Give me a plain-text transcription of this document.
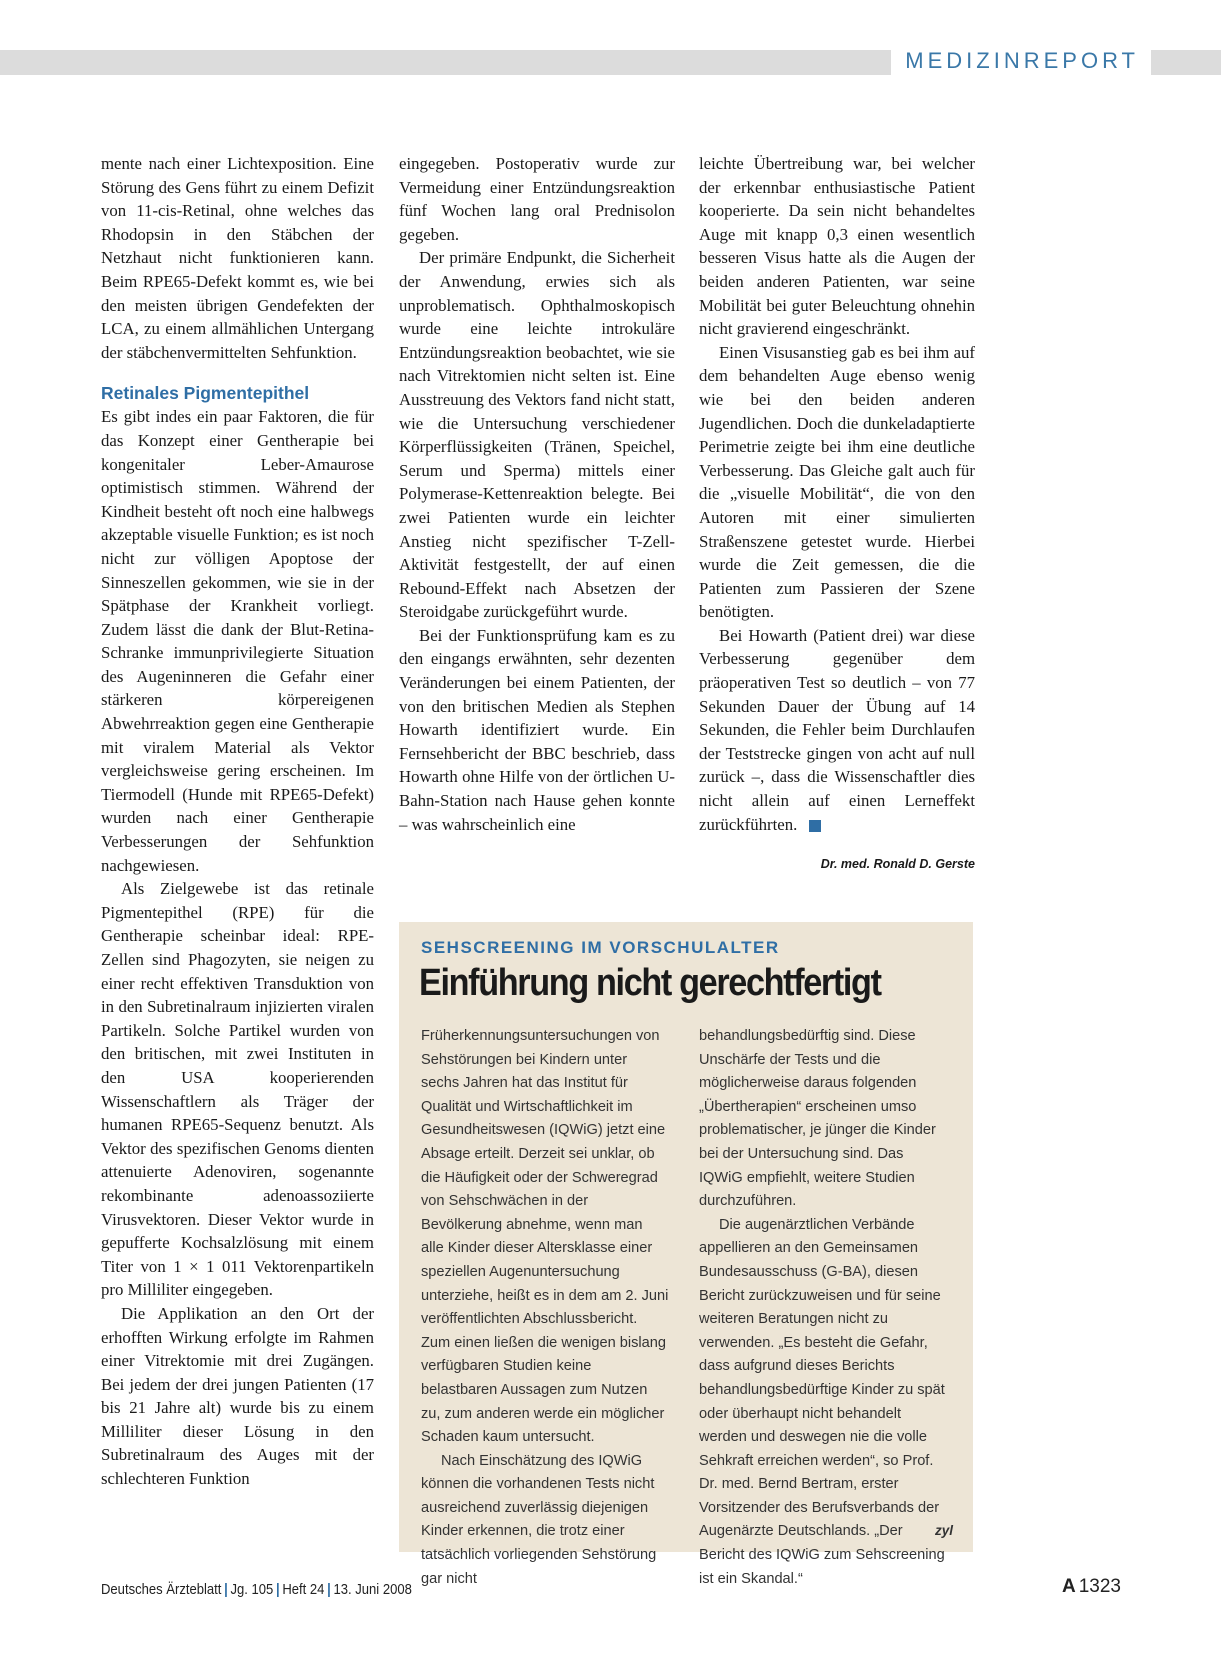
MEDIZINREPORT

mente nach einer Lichtexposition. Eine Störung des Gens führt zu einem Defizit von 11-cis-Retinal, ohne welches das Rhodopsin in den Stäbchen der Netzhaut nicht funktionieren kann. Beim RPE65-Defekt kommt es, wie bei den meisten übrigen Gendefekten der LCA, zu einem allmählichen Untergang der stäbchenvermittelten Sehfunktion.

Retinales Pigmentepithel

Es gibt indes ein paar Faktoren, die für das Konzept einer Gentherapie bei kongenitaler Leber-Amaurose optimistisch stimmen. Während der Kindheit besteht oft noch eine halbwegs akzeptable visuelle Funktion; es ist noch nicht zur völligen Apoptose der Sinneszellen gekommen, wie sie in der Spätphase der Krankheit vorliegt. Zudem lässt die dank der Blut-Retina-Schranke immunprivilegierte Situation des Augeninneren die Gefahr einer stärkeren körpereigenen Abwehrreaktion gegen eine Gentherapie mit viralem Material als Vektor vergleichsweise gering erscheinen. Im Tiermodell (Hunde mit RPE65-Defekt) wurden nach einer Gentherapie Verbesserungen der Sehfunktion nachgewiesen.

Als Zielgewebe ist das retinale Pigmentepithel (RPE) für die Gentherapie scheinbar ideal: RPE-Zellen sind Phagozyten, sie neigen zu einer recht effektiven Transduktion von in den Subretinalraum injizierten viralen Partikeln. Solche Partikel wurden von den britischen, mit zwei Instituten in den USA kooperierenden Wissenschaftlern als Träger der humanen RPE65-Sequenz benutzt. Als Vektor des spezifischen Genoms dienten attenuierte Adenoviren, sogenannte rekombinante adenoassoziierte Virusvektoren. Dieser Vektor wurde in gepufferte Kochsalzlösung mit einem Titer von 1 × 1 011 Vektorenpartikeln pro Milliliter eingegeben.

Die Applikation an den Ort der erhofften Wirkung erfolgte im Rahmen einer Vitrektomie mit drei Zugängen. Bei jedem der drei jungen Patienten (17 bis 21 Jahre alt) wurde bis zu einem Milliliter dieser Lösung in den Subretinalraum des Auges mit der schlechteren Funktion

eingegeben. Postoperativ wurde zur Vermeidung einer Entzündungsreaktion fünf Wochen lang oral Prednisolon gegeben.

Der primäre Endpunkt, die Sicherheit der Anwendung, erwies sich als unproblematisch. Ophthalmoskopisch wurde eine leichte introkuläre Entzündungsreaktion beobachtet, wie sie nach Vitrektomien nicht selten ist. Eine Ausstreuung des Vektors fand nicht statt, wie die Untersuchung verschiedener Körperflüssigkeiten (Tränen, Speichel, Serum und Sperma) mittels einer Polymerase-Kettenreaktion belegte. Bei zwei Patienten wurde ein leichter Anstieg nicht spezifischer T-Zell-Aktivität festgestellt, der auf einen Rebound-Effekt nach Absetzen der Steroidgabe zurückgeführt wurde.

Bei der Funktionsprüfung kam es zu den eingangs erwähnten, sehr dezenten Veränderungen bei einem Patienten, der von den britischen Medien als Stephen Howarth identifiziert wurde. Ein Fernsehbericht der BBC beschrieb, dass Howarth ohne Hilfe von der örtlichen U-Bahn-Station nach Hause gehen konnte – was wahrscheinlich eine

leichte Übertreibung war, bei welcher der erkennbar enthusiastische Patient kooperierte. Da sein nicht behandeltes Auge mit knapp 0,3 einen wesentlich besseren Visus hatte als die Augen der beiden anderen Patienten, war seine Mobilität bei guter Beleuchtung ohnehin nicht gravierend eingeschränkt.

Einen Visusanstieg gab es bei ihm auf dem behandelten Auge ebenso wenig wie bei den beiden anderen Jugendlichen. Doch die dunkeladaptierte Perimetrie zeigte bei ihm eine deutliche Verbesserung. Das Gleiche galt auch für die „visuelle Mobilität“, die von den Autoren mit einer simulierten Straßenszene getestet wurde. Hierbei wurde die Zeit gemessen, die die Patienten zum Passieren der Szene benötigten.

Bei Howarth (Patient drei) war diese Verbesserung gegenüber dem präoperativen Test so deutlich – von 77 Sekunden Dauer der Übung auf 14 Sekunden, die Fehler beim Durchlaufen der Teststrecke gingen von acht auf null zurück –, dass die Wissenschaftler dies nicht allein auf einen Lerneffekt zurückführten.

Dr. med. Ronald D. Gerste
SEHSCREENING IM VORSCHULALTER
Einführung nicht gerechtfertigt

Früherkennungsuntersuchungen von Sehstörungen bei Kindern unter sechs Jahren hat das Institut für Qualität und Wirtschaftlichkeit im Gesundheitswesen (IQWiG) jetzt eine Absage erteilt. Derzeit sei unklar, ob die Häufigkeit oder der Schweregrad von Sehschwächen in der Bevölkerung abnehme, wenn man alle Kinder dieser Altersklasse einer speziellen Augenuntersuchung unterziehe, heißt es in dem am 2. Juni veröffentlichten Abschlussbericht. Zum einen ließen die wenigen bislang verfügbaren Studien keine belastbaren Aussagen zum Nutzen zu, zum anderen werde ein möglicher Schaden kaum untersucht.

Nach Einschätzung des IQWiG können die vorhandenen Tests nicht ausreichend zuverlässig diejenigen Kinder erkennen, die trotz einer tatsächlich vorliegenden Sehstörung gar nicht

behandlungsbedürftig sind. Diese Unschärfe der Tests und die möglicherweise daraus folgenden „Übertherapien“ erscheinen umso problematischer, je jünger die Kinder bei der Untersuchung sind. Das IQWiG empfiehlt, weitere Studien durchzuführen.

Die augenärztlichen Verbände appellieren an den Gemeinsamen Bundesausschuss (G-BA), diesen Bericht zurückzuweisen und für seine weiteren Beratungen nicht zu verwenden. „Es besteht die Gefahr, dass aufgrund dieses Berichts behandlungsbedürftige Kinder zu spät oder überhaupt nicht behandelt werden und deswegen nie die volle Sehkraft erreichen werden“, so Prof. Dr. med. Bernd Bertram, erster Vorsitzender des Berufsverbands der Augenärzte Deutschlands. „Der Bericht des IQWiG zum Sehscreening ist ein Skandal.“

zyl
Deutsches Ärzteblatt | Jg. 105 | Heft 24 | 13. Juni 2008	A 1323
